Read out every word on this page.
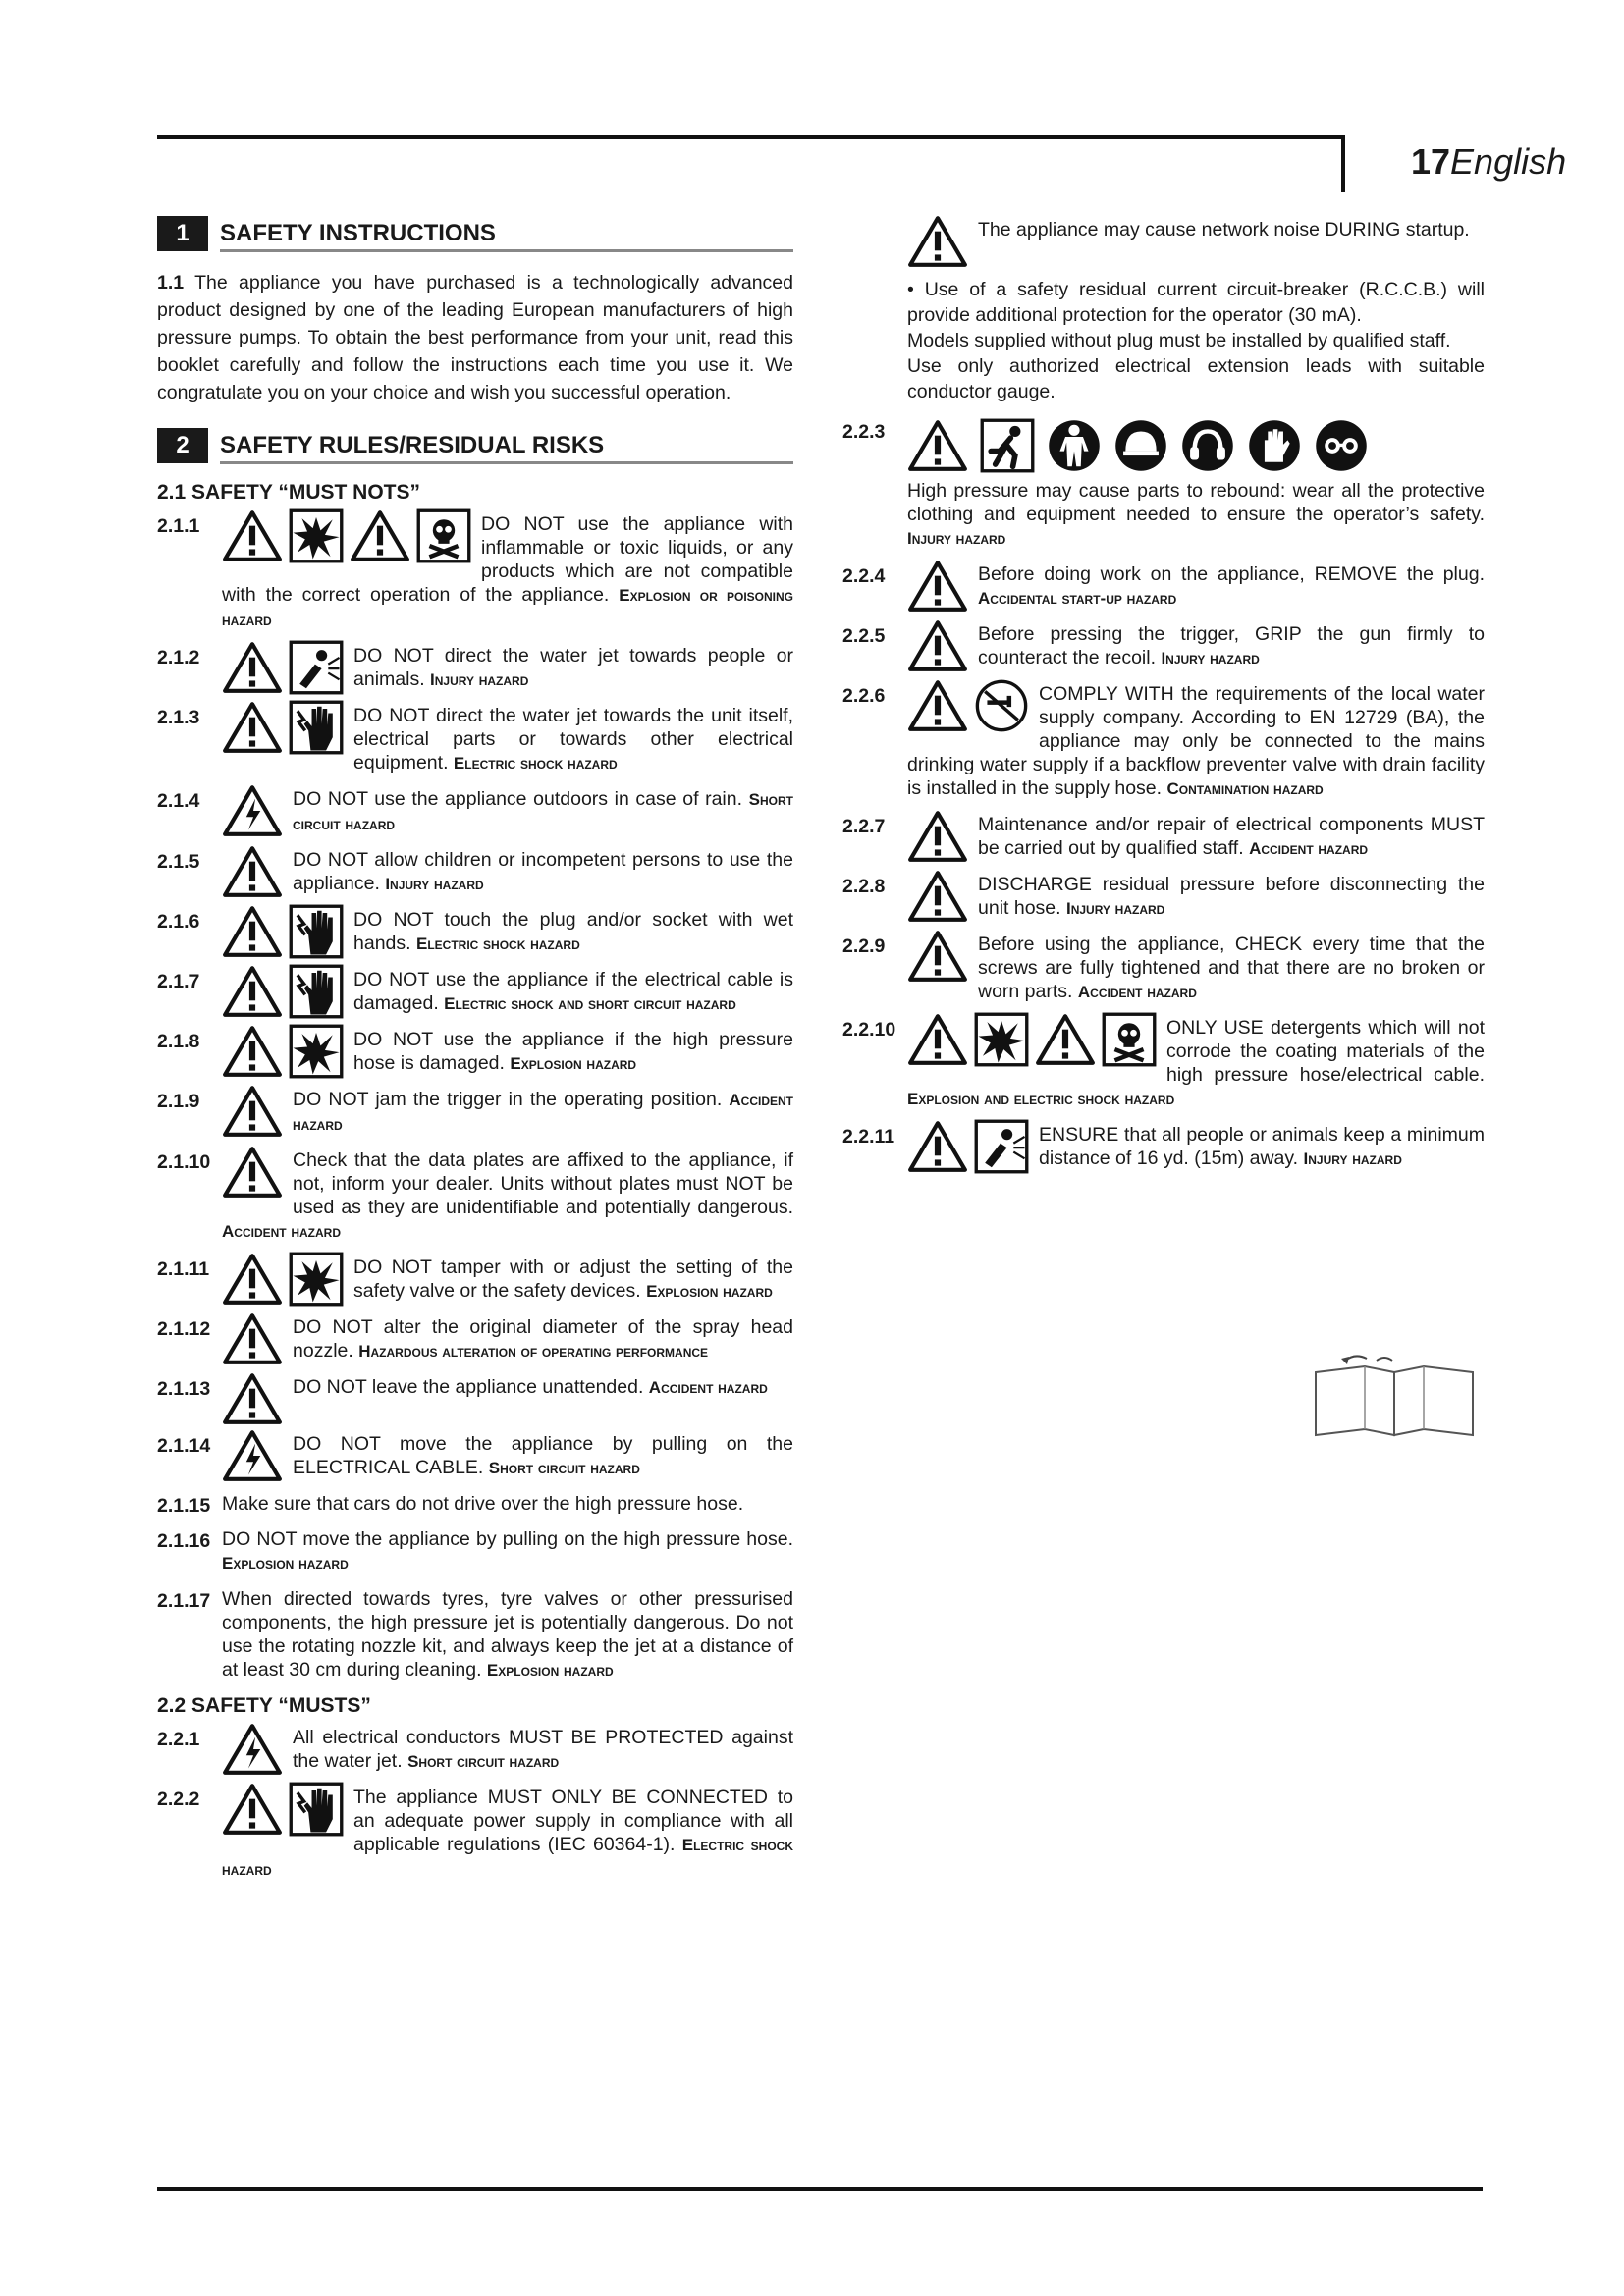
17English
1	SAFETY INSTRUCTIONS
1.1 The appliance you have purchased is a technologically advanced product designed by one of the leading European manufacturers of high pressure pumps. To obtain the best performance from your unit, read this booklet carefully and follow the instructions each time you use it. We congratulate you on your choice and wish you successful operation.
2	SAFETY RULES/RESIDUAL RISKS
2.1 SAFETY “MUST NOTS”
2.1.1	DO NOT use the appliance with inflammable or toxic liquids, or any products which are not compatible with the correct operation of the appliance. Explosion or poisoning hazard
2.1.2	DO NOT direct the water jet towards people or animals. Injury hazard
2.1.3	DO NOT direct the water jet towards the unit itself, electrical parts or towards other electrical equipment. Electric shock hazard
2.1.4	DO NOT use the appliance outdoors in case of rain. Short circuit hazard
2.1.5	DO NOT allow children or incompetent persons to use the appliance. Injury hazard
2.1.6	DO NOT touch the plug and/or socket with wet hands. Electric shock hazard
2.1.7	DO NOT use the appliance if the electrical cable is damaged. Electric shock and short circuit hazard
2.1.8	DO NOT use the appliance if the high pressure hose is damaged. Explosion hazard
2.1.9	DO NOT jam the trigger in the operating position. Accident hazard
2.1.10	Check that the data plates are affixed to the appliance, if not, inform your dealer. Units without plates must NOT be used as they are unidentifiable and potentially dangerous. Accident hazard
2.1.11	DO NOT tamper with or adjust the setting of the safety valve or the safety devices. Explosion hazard
2.1.12	DO NOT alter the original diameter of the spray head nozzle. Hazardous alteration of operating performance
2.1.13	DO NOT leave the appliance unattended. Accident hazard
2.1.14	DO NOT move the appliance by pulling on the ELECTRICAL CABLE. Short circuit hazard
2.1.15 Make sure that cars do not drive over the high pressure hose.
2.1.16 DO NOT move the appliance by pulling on the high pressure hose. Explosion hazard
2.1.17 When directed towards tyres, tyre valves or other pressurised components, the high pressure jet is potentially dangerous. Do not use the rotating nozzle kit, and always keep the jet at a distance of at least 30 cm during cleaning. Explosion hazard
2.2 SAFETY “MUSTS”
2.2.1	All electrical conductors MUST BE PROTECTED against the water jet. Short circuit hazard
2.2.2	The appliance MUST ONLY BE CONNECTED to an adequate power supply in compliance with all applicable regulations (IEC 60364-1). Electric shock hazard
The appliance may cause network noise DURING startup.
• Use of a safety residual current circuit-breaker (R.C.C.B.) will provide additional protection for the operator (30 mA).
Models supplied without plug must be installed by qualified staff.
Use only authorized electrical extension leads with suitable conductor gauge.
2.2.3
High pressure may cause parts to rebound: wear all the protective clothing and equipment needed to ensure the operator’s safety. Injury hazard
2.2.4	Before doing work on the appliance, REMOVE the plug. Accidental start-up hazard
2.2.5	Before pressing the trigger, GRIP the gun firmly to counteract the recoil. Injury hazard
2.2.6	COMPLY WITH the requirements of the local water supply company. According to EN 12729 (BA), the appliance may only be connected to the mains drinking water supply if a backflow preventer valve with drain facility is installed in the supply hose. Contamination hazard
2.2.7	Maintenance and/or repair of electrical components MUST be carried out by qualified staff. Accident hazard
2.2.8	DISCHARGE residual pressure before disconnecting the unit hose. Injury hazard
2.2.9	Before using the appliance, CHECK every time that the screws are fully tightened and that there are no broken or worn parts. Accident hazard
2.2.10	ONLY USE detergents which will not corrode the coating materials of the high pressure hose/electrical cable. Explosion and electric shock hazard
2.2.11	ENSURE that all people or animals keep a minimum distance of 16 yd. (15m) away. Injury hazard
